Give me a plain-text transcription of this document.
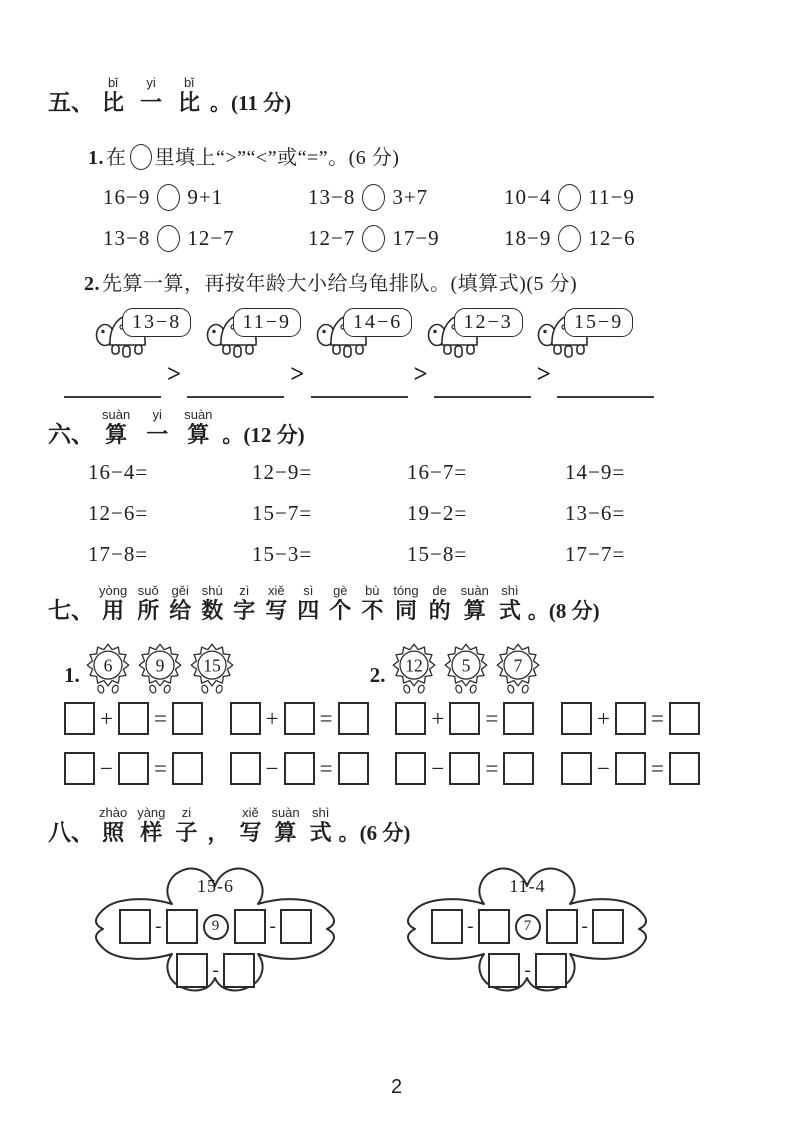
五、
bǐ
比
yi
一
bǐ
比 。(11 分)
1. 在 里填上“>”“<”或“=”。(6 分)
16−9 9+1	13−8 3+7	10−4 11−9
13−8 12−7	12−7 17−9	18−9 12−6
2. 先算一算，再按年龄大小给乌龟排队。(填算式)(5 分)
13−8	11−9	14−6	12−3	15−9
>	>	>	>
六、
suàn
算
yi
一
suàn
算 。(12 分)
16−4=	12−9=	16−7=	14−9=
12−6=	15−7=	19−2=	13−6=
17−8=	15−3=	15−8=	17−7=
七、
yòng
用
suǒ
所
gěi
给
shù
数
zì
字
xiě
写
sì
四
gè
个
bù
不
tóng
同
de
的
suàn
算
shì
式 。(8 分)
1. 6 9 15	2. 12 5 7
+ =	+ =	+ =	+ =
− =	− =	− =	− =
八、
zhào
照
yàng
样
zi
子 ，
xiě
写
suàn
算
shì
式 。(6 分)
15-6
-	9	-
-
11-4
-	7	-
-
2
